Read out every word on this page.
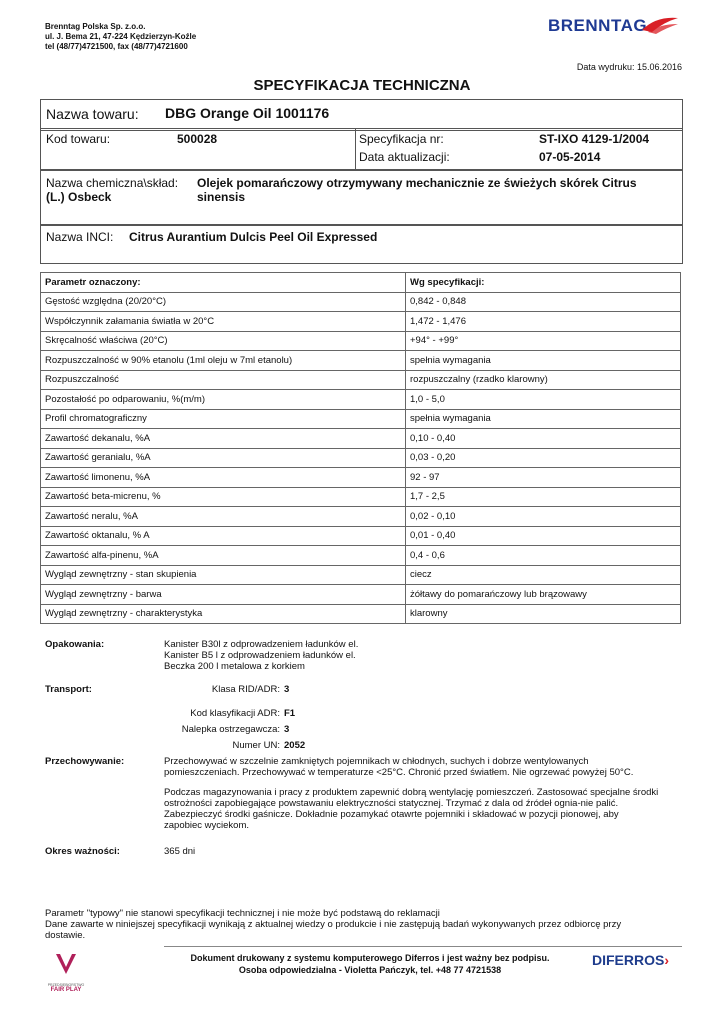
Brenntag Polska Sp. z.o.o.
ul. J. Bema 21, 47-224 Kędzierzyn-Koźle
tel (48/77)4721500, fax (48/77)4721600
BRENNTAG
Data wydruku: 15.06.2016
SPECYFIKACJA TECHNICZNA
Nazwa towaru: DBG Orange Oil 1001176
Kod towaru:	500028	Specyfikacja nr:	ST-IXO 4129-1/2004
Data aktualizacji:	07-05-2014
Nazwa chemiczna\skład: Olejek pomarańczowy otrzymywany mechanicznie ze świeżych skórek Citrus sinensis
(L.) Osbeck
Nazwa INCI: Citrus Aurantium Dulcis Peel Oil Expressed
Parametr oznaczony:	Wg specyfikacji:
Gęstość względna (20/20°C)	0,842 - 0,848
Współczynnik załamania światła w 20°C	1,472 - 1,476
Skręcalność właściwa (20°C)	+94° - +99°
Rozpuszczalność w 90% etanolu (1ml oleju w 7ml etanolu)	spełnia wymagania
Rozpuszczalność	rozpuszczalny (rzadko klarowny)
Pozostałość po odparowaniu, %(m/m)	1,0 - 5,0
Profil chromatograficzny	spełnia wymagania
Zawartość dekanalu, %A	0,10 - 0,40
Zawartość geranialu, %A	0,03 - 0,20
Zawartość limonenu, %A	92 - 97
Zawartość beta-micrenu, %	1,7 - 2,5
Zawartość neralu, %A	0,02 - 0,10
Zawartość oktanalu, % A	0,01 - 0,40
Zawartość alfa-pinenu, %A	0,4 - 0,6
Wygląd zewnętrzny - stan skupienia	ciecz
Wygląd zewnętrzny - barwa	żółtawy do pomarańczowy lub brązowawy
Wygląd zewnętrzny - charakterystyka	klarowny
Opakowania:	Kanister B30l z odprowadzeniem ładunków el.
Kanister B5 l z odprowadzeniem ładunków el.
Beczka 200 l metalowa z korkiem
Transport:	Klasa RID/ADR: 3
Kod klasyfikacji ADR: F1
Nalepka ostrzegawcza: 3
Numer UN: 2052
Przechowywanie:	Przechowywać w szczelnie zamkniętych pojemnikach w chłodnych, suchych i dobrze wentylowanych
pomieszczeniach. Przechowywać w temperaturze <25°C. Chronić przed światłem. Nie ogrzewać powyżej 50°C.
Podczas magazynowania i pracy z produktem zapewnić dobrą wentylację pomieszczeń. Zastosować specjalne środki
ostrożności zapobiegające powstawaniu elektryczności statycznej. Trzymać z dala od źródeł ognia-nie palić.
Zabezpieczyć środki gaśnicze. Dokładnie pozamykać otawrte pojemniki i składować w pozycji pionowej, aby
zapobiec wyciekom.
Okres ważności:	365 dni
Parametr "typowy" nie stanowi specyfikacji technicznej i nie może być podstawą do reklamacji
Dane zawarte w niniejszej specyfikacji wynikają z aktualnej wiedzy o produkcie i nie zastępują badań wykonywanych przez odbiorcę przy
dostawie.
PRZEDSIĘBIORSTWO
FAIR PLAY
Dokument drukowany z systemu komputerowego Diferros i jest ważny bez podpisu.
Osoba odpowiedzialna - Violetta Pańczyk, tel. +48 77 4721538
DIFERROS›
